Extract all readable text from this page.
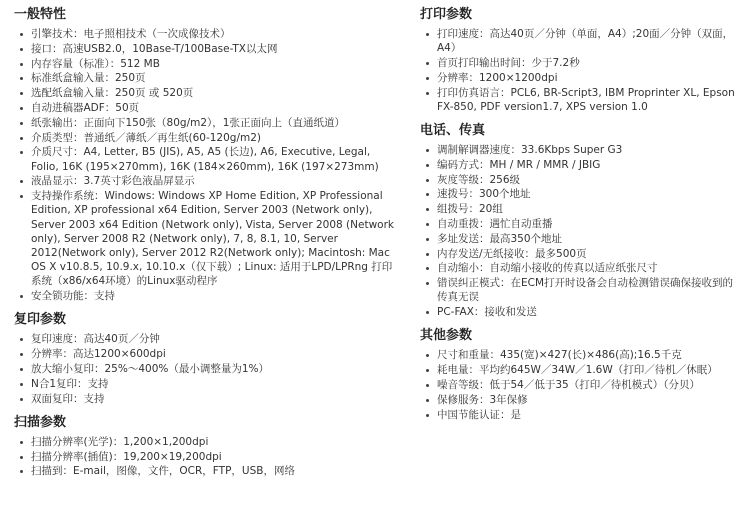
一般特性
引擎技术：电子照相技术（一次成像技术）
接口：高速USB2.0，10Base-T/100Base-TX以太网
内存容量（标准）：512 MB
标准纸盒输入量：250页
选配纸盒输入量：250页 或 520页
自动进稿器ADF：50页
纸张输出：正面向下150张（80g/m2），1张正面向上（直通纸道）
介质类型：普通纸／薄纸／再生纸(60-120g/m2)
介质尺寸：A4, Letter, B5 (JIS), A5, A5 (长边), A6, Executive, Legal, Folio, 16K (195×270mm), 16K (184×260mm), 16K (197×273mm)
液晶显示：3.7英寸彩色液晶屏显示
支持操作系统：Windows: Windows XP Home Edition, XP Professional Edition, XP professional x64 Edition, Server 2003 (Network only), Server 2003 x64 Edition (Network only), Vista, Server 2008 (Network only), Server 2008 R2 (Network only), 7, 8, 8.1, 10, Server 2012(Network only), Server 2012 R2(Network only); Macintosh: Mac OS X v10.8.5, 10.9.x, 10.10.x（仅下载）; Linux: 适用于LPD/LPRng 打印系统（x86/x64环境）的Linux驱动程序
安全锁功能：支持
复印参数
复印速度：高达40页／分钟
分辨率：高达1200×600dpi
放大缩小复印：25%～400%（最小调整量为1%）
N合1复印：支持
双面复印：支持
扫描参数
扫描分辨率(光学)：1,200×1,200dpi
扫描分辨率(插值)：19,200×19,200dpi
扫描到：E-mail，图像，文件，OCR，FTP，USB，网络
打印参数
打印速度：高达40页／分钟（单面，A4）;20面／分钟（双面，A4）
首页打印输出时间：少于7.2秒
分辨率：1200×1200dpi
打印仿真语言：PCL6, BR-Script3, IBM Proprinter XL, Epson FX-850, PDF version1.7, XPS version 1.0
电话、传真
调制解调器速度：33.6Kbps Super G3
编码方式：MH / MR / MMR / JBIG
灰度等级：256级
速拨号：300个地址
组拨号：20组
自动重拨：遇忙自动重播
多址发送：最高350个地址
内存发送/无纸接收：最多500页
自动缩小：自动缩小接收的传真以适应纸张尺寸
错误纠正模式：在ECM打开时设备会自动检测错误确保接收到的传真无误
PC-FAX：接收和发送
其他参数
尺寸和重量：435(宽)×427(长)×486(高);16.5千克
耗电量：平均约645W／34W／1.6W（打印／待机／休眠）
噪音等级：低于54／低于35（打印／待机模式）（分贝）
保修服务：3年保修
中国节能认证：是
